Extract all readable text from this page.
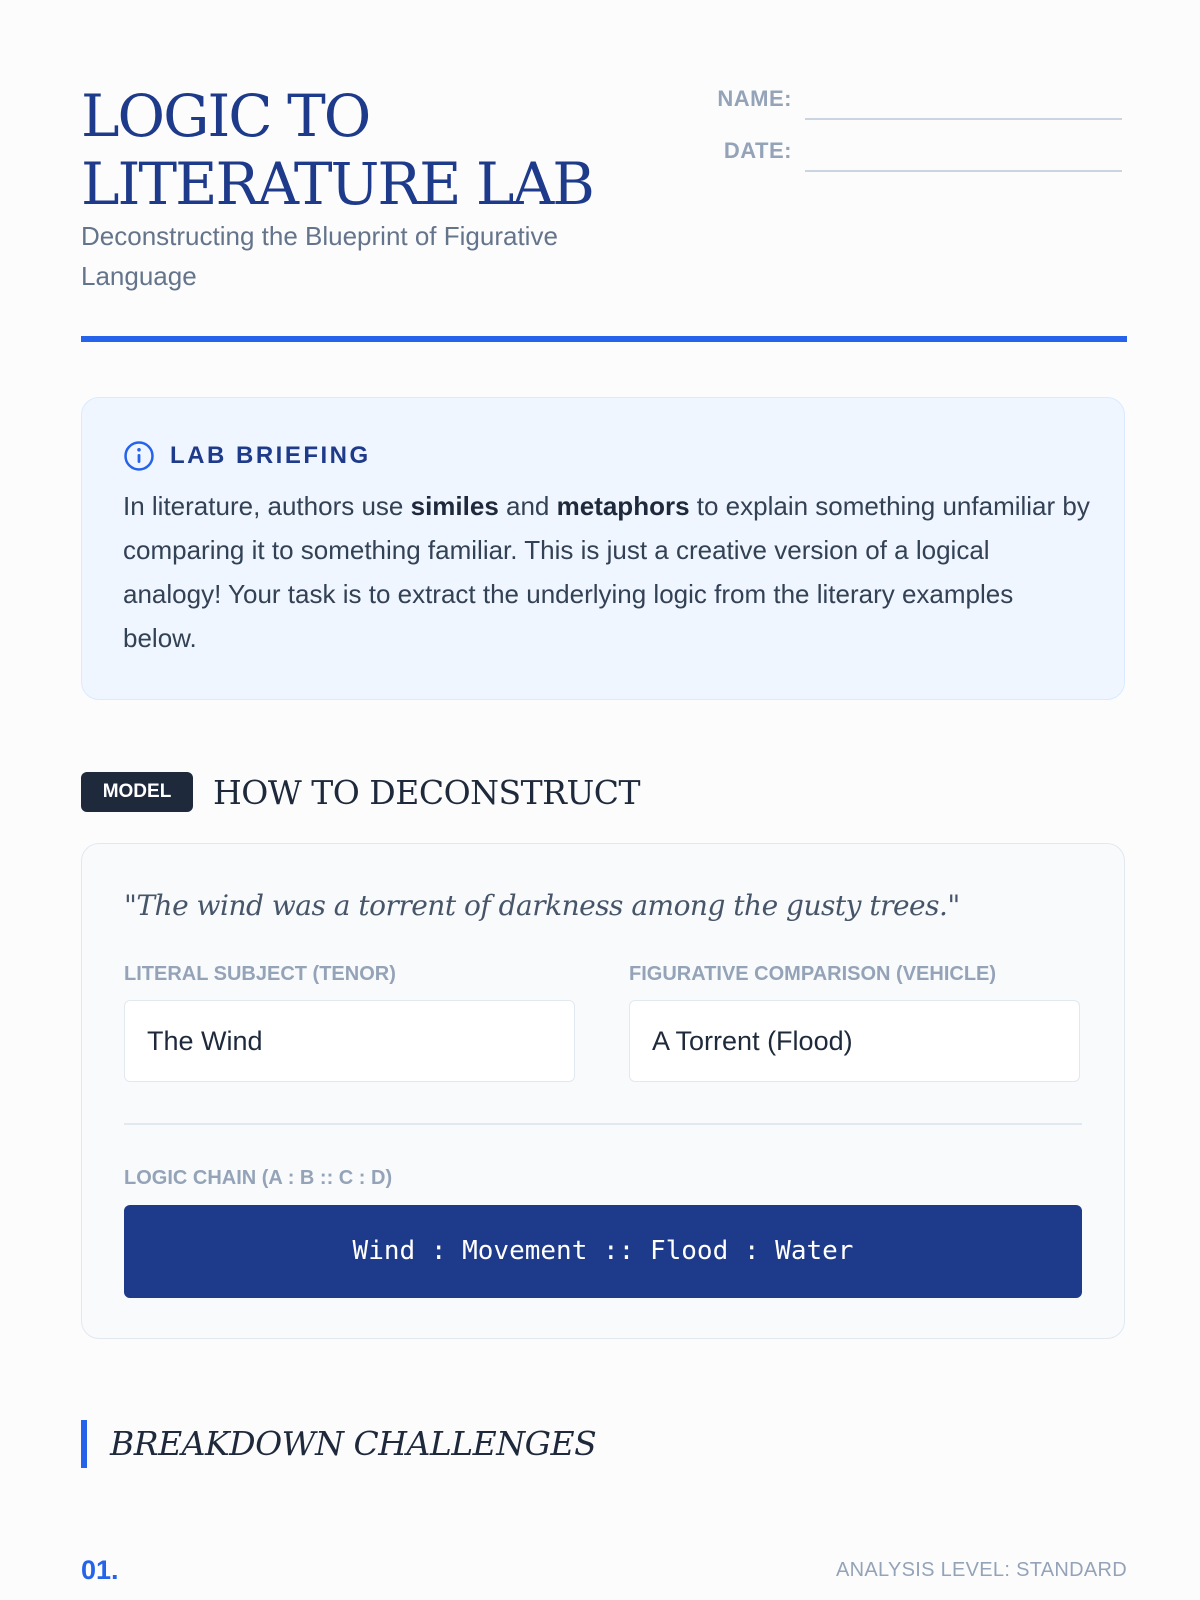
LOGIC TO LITERATURE LAB

Deconstructing the Blueprint of Figurative Language

NAME:
DATE:
LAB BRIEFING

In literature, authors use similes and metaphors to explain something unfamiliar by comparing it to something familiar. This is just a creative version of a logical analogy! Your task is to extract the underlying logic from the literary examples below.

MODEL	HOW TO DECONSTRUCT

"The wind was a torrent of darkness among the gusty trees."

LITERAL SUBJECT (TENOR)

The Wind

FIGURATIVE COMPARISON (VEHICLE)

A Torrent (Flood)

LOGIC CHAIN (A : B :: C : D)

Wind : Movement :: Flood : Water
BREAKDOWN CHALLENGES
01.	ANALYSIS LEVEL: STANDARD
